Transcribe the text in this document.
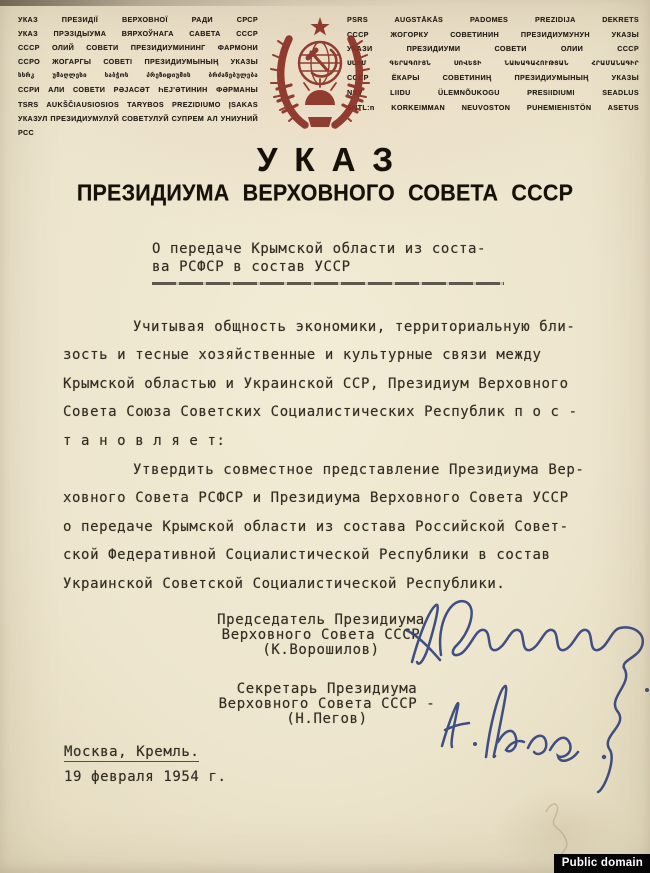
УКАЗ ПРЕЗИДІЇ ВЕРХОВНОЇ РАДИ СРСР
УКАЗ ПРЭЗІДЫУМА ВЯРХОЎНАГА САВЕТА СССР
СССР ОЛИЙ СОВЕТИ ПРЕЗИДИУМИНИНГ ФАРМОНИ
ССРО ЖОГАРГЫ СОВЕТІ ПРЕЗИДИУМЫНЫҢ УКАЗЫ
სსრკ უმაღლესი საბჭოს პრეზიდიუმის ბრძანებულება
ССРИ АЛИ СОВЕТИ РӘЈАСӘТ ҺЕЈ'ӘТИНИН ФӘРМАНЫ
TSRS AUKŠČIAUSIOSIOS TARYBOS PREZIDIUMO ĮSAKAS
УКАЗУЛ ПРЕЗИДИУМУЛУЙ СОВЕТУЛУЙ СУПРЕМ АЛ УНИУНИЙ РСС
PSRS AUGSTĀKĀS PADOMES PREZIDIJA DEKRETS
СССР ЖОГОРКУ СОВЕТИНИН ПРЕЗИДИУМУНУН УКАЗЫ
УКАЗИ ПРЕЗИДИУМИ СОВЕТИ ОЛИИ СССР
ՍՍՌՄ ԳԵՐԱԳՈՒՅՆ ՍՈՎԵՏԻ ՆԱԽԱԳԱՀՈՒԹՅԱՆ ՀՐԱՄԱՆԱԳԻՐ
СССР ЁКАРЫ СОВЕТИНИҢ ПРЕЗИДИУМЫНЫҢ УКАЗЫ
NSV LIIDU ÜLEMNÕUKOGU PRESIIDIUMI SEADLUS
SNTL:n KORKEIMMAN NEUVOSTON PUHEMIEHISTÖN ASETUS
УКАЗ
ПРЕЗИДИУМА ВЕРХОВНОГО СОВЕТА СССР
О передаче Крымской области из соста-
ва РСФСР в состав УССР
Учитывая общность экономики, территориальную бли-
зость и тесные хозяйственные и культурные связи между
Крымской областью и Украинской ССР, Президиум Верховного
Совета Союза Советских Социалистических Республик п о с -
т а н о в л я е т:
Утвердить совместное представление Президиума Вер-
ховного Совета РСФСР и Президиума Верховного Совета УССР
о передаче Крымской области из состава Российской Совет-
ской Федеративной Социалистической Республики в состав
Украинской Советской Социалистической Республики.
Председатель Президиума
Верховного Совета СССР
(К.Ворошилов)
Секретарь Президиума
Верховного Совета СССР -
(Н.Пегов)
Москва, Кремль.
19 февраля 1954 г.
Public domain
